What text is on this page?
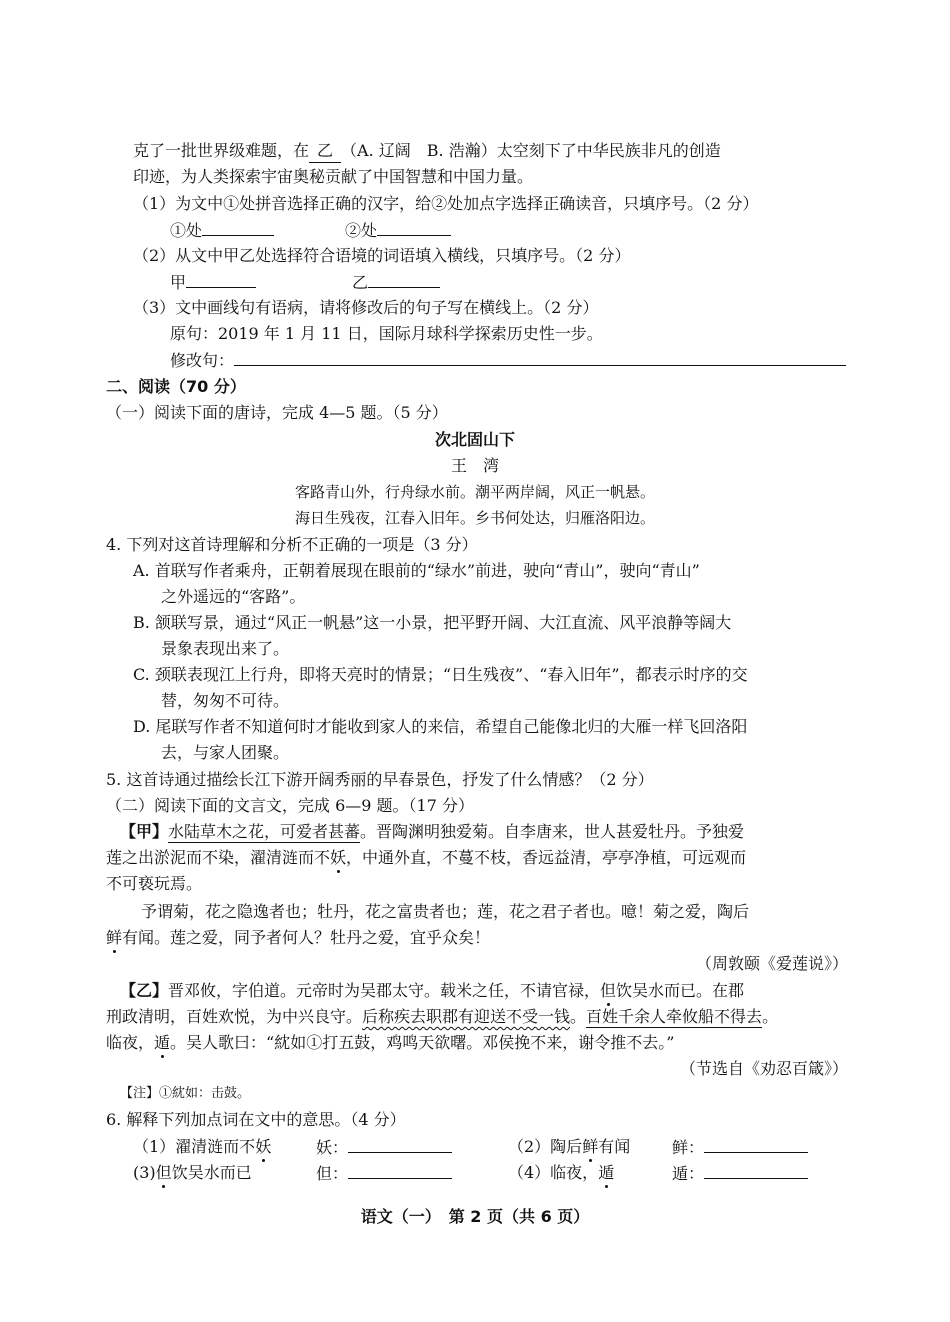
克了一批世界级难题，在 乙 （A. 辽阔　B. 浩瀚）太空刻下了中华民族非凡的创造
印迹，为人类探索宇宙奥秘贡献了中国智慧和中国力量。
（1）为文中①处拼音选择正确的汉字，给②处加点字选择正确读音，只填序号。（2 分）
①处	②处
（2）从文中甲乙处选择符合语境的词语填入横线，只填序号。（2 分）
甲	乙
（3）文中画线句有语病，请将修改后的句子写在横线上。（2 分）
原句：2019 年 1 月 11 日，国际月球科学探索历史性一步。
修改句：
二、阅读（70 分）
（一）阅读下面的唐诗，完成 4—5 题。（5 分）
次北固山下
王　湾
客路青山外，行舟绿水前。潮平两岸阔，风正一帆悬。
海日生残夜，江春入旧年。乡书何处达，归雁洛阳边。
4. 下列对这首诗理解和分析不正确的一项是（3 分）
A. 首联写作者乘舟，正朝着展现在眼前的“绿水”前进，驶向“青山”，驶向“青山”
之外遥远的“客路”。
B. 颔联写景，通过“风正一帆悬”这一小景，把平野开阔、大江直流、风平浪静等阔大
景象表现出来了。
C. 颈联表现江上行舟，即将天亮时的情景；“日生残夜”、“春入旧年”，都表示时序的交
替，匆匆不可待。
D. 尾联写作者不知道何时才能收到家人的来信，希望自己能像北归的大雁一样飞回洛阳
去，与家人团聚。
5. 这首诗通过描绘长江下游开阔秀丽的早春景色，抒发了什么情感？（2 分）
（二）阅读下面的文言文，完成 6—9 题。（17 分）
【甲】水陆草木之花，可爱者甚蕃。晋陶渊明独爱菊。自李唐来，世人甚爱牡丹。予独爱
莲之出淤泥而不染，濯清涟而不妖，中通外直，不蔓不枝，香远益清，亭亭净植，可远观而
不可亵玩焉。
予谓菊，花之隐逸者也；牡丹，花之富贵者也；莲，花之君子者也。噫！菊之爱，陶后
鲜有闻。莲之爱，同予者何人？牡丹之爱，宜乎众矣！
（周敦颐《爱莲说》）
【乙】晋邓攸，字伯道。元帝时为吴郡太守。载米之任，不请官禄，但饮吴水而已。在郡
刑政清明，百姓欢悦，为中兴良守。后称疾去职郡有迎送不受一钱。百姓千余人牵攸船不得去。
临夜，遁。吴人歌曰：“紞如①打五鼓，鸡鸣天欲曙。邓侯挽不来，谢令推不去。”
（节选自《劝忍百箴》）
【注】①紞如：击鼓。
6. 解释下列加点词在文中的意思。（4 分）
（1）濯清涟而不妖	妖：	（2）陶后鲜有闻	鲜：
(3)但饮吴水而已	但：	（4）临夜，遁	遁：
语文（一）　第 2 页（共 6 页）
